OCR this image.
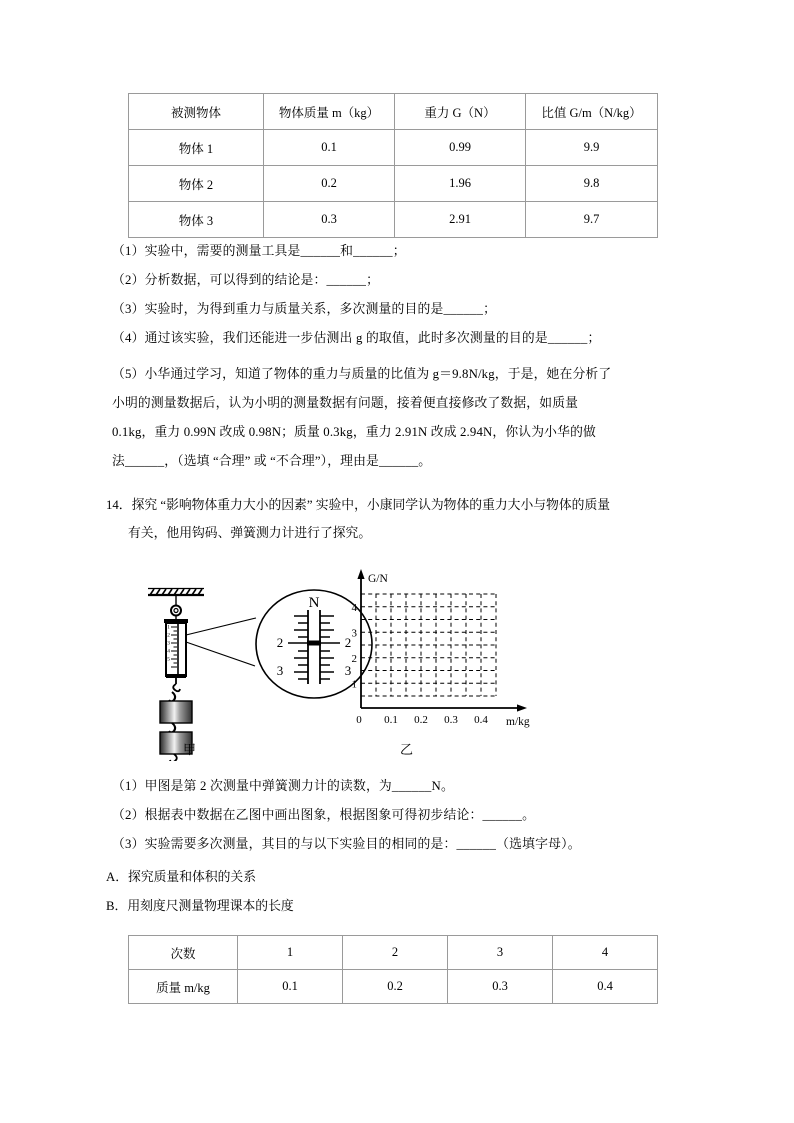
被测物体	物体质量 m（kg）	重力 G（N）	比值 G/m（N/kg）
物体 1	0.1	0.99	9.9
物体 2	0.2	1.96	9.8
物体 3	0.3	2.91	9.7
（1）实验中，需要的测量工具是______和______；
（2）分析数据，可以得到的结论是：______；
（3）实验时，为得到重力与质量关系，多次测量的目的是______；
（4）通过该实验，我们还能进一步估测出 g 的取值，此时多次测量的目的是______；
（5）小华通过学习，知道了物体的重力与质量的比值为 g＝9.8N/kg，于是，她在分析了
小明的测量数据后，认为小明的测量数据有问题，接着便直接修改了数据，如质量
0.1kg，重力 0.99N 改成 0.98N；质量 0.3kg，重力 2.91N 改成 2.94N，你认为小华的做
法______，（选填 “合理” 或 “不合理”），理由是______。
14．探究 “影响物体重力大小的因素” 实验中，小康同学认为物体的重力大小与物体的质量
有关，他用钩码、弹簧测力计进行了探究。
1
2
3
4
5
N
2	2
3	3
G/N
m/kg
1
2
3
4
0 0.1 0.2 0.3 0.4
甲	乙
（1）甲图是第 2 次测量中弹簧测力计的读数，为______N。
（2）根据表中数据在乙图中画出图象，根据图象可得初步结论：______。
（3）实验需要多次测量，其目的与以下实验目的相同的是：______（选填字母）。
A．探究质量和体积的关系
B．用刻度尺测量物理课本的长度
次数	1	2	3	4
质量 m/kg	0.1	0.2	0.3	0.4
